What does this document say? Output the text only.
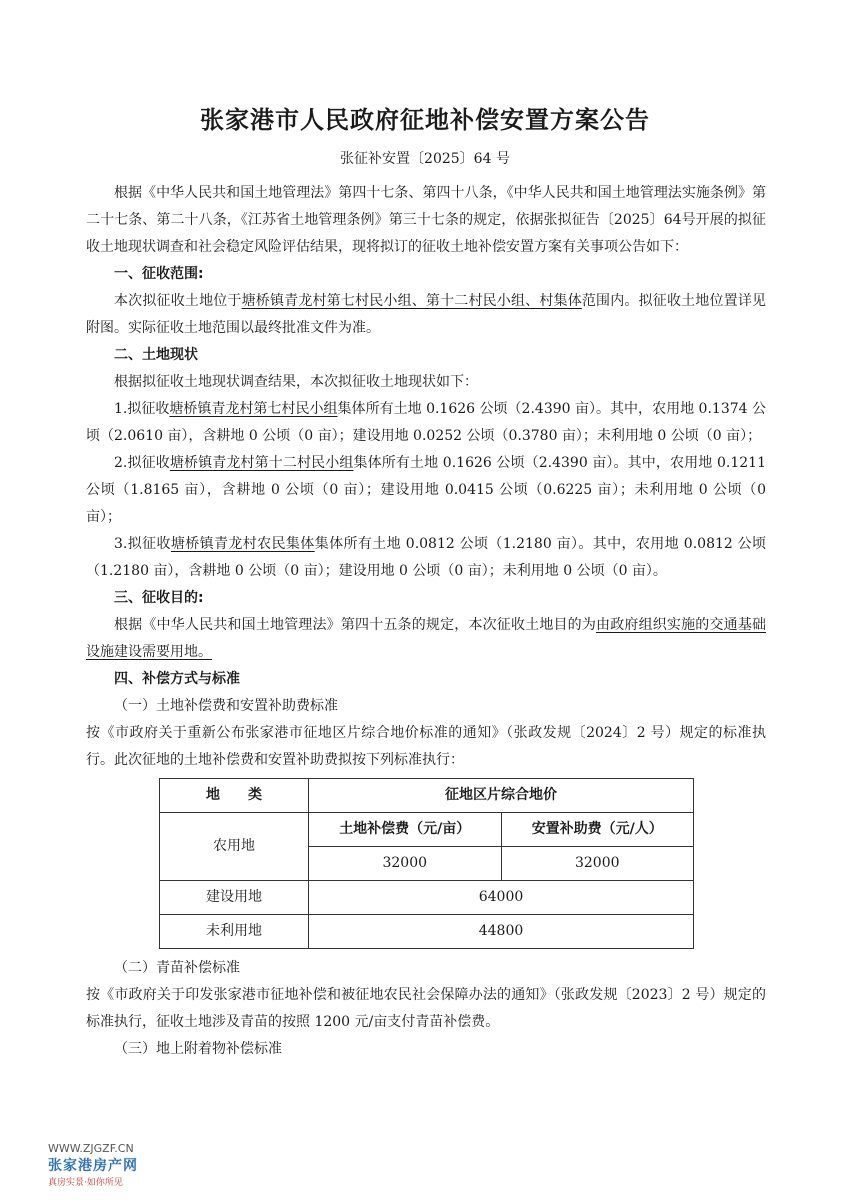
张家港市人民政府征地补偿安置方案公告
张征补安置〔2025〕64 号

根据《中华人民共和国土地管理法》第四十七条、第四十八条，《中华人民共和国土地管理法实施条例》第二十七条、第二十八条，《江苏省土地管理条例》第三十七条的规定，依据张拟征告〔2025〕64号开展的拟征收土地现状调查和社会稳定风险评估结果，现将拟订的征收土地补偿安置方案有关事项公告如下：

一、征收范围:

本次拟征收土地位于塘桥镇青龙村第七村民小组、第十二村民小组、村集体范围内。拟征收土地位置详见附图。实际征收土地范围以最终批准文件为准。

二、土地现状

根据拟征收土地现状调查结果，本次拟征收土地现状如下：

1.拟征收塘桥镇青龙村第七村民小组集体所有土地 0.1626 公顷（2.4390 亩）。其中，农用地 0.1374 公顷（2.0610 亩），含耕地 0 公顷（0 亩）；建设用地 0.0252 公顷（0.3780 亩）；未利用地 0 公顷（0 亩）；

2.拟征收塘桥镇青龙村第十二村民小组集体所有土地 0.1626 公顷（2.4390 亩）。其中，农用地 0.1211 公顷（1.8165 亩），含耕地 0 公顷（0 亩）；建设用地 0.0415 公顷（0.6225 亩）；未利用地 0 公顷（0 亩）；

3.拟征收塘桥镇青龙村农民集体集体所有土地 0.0812 公顷（1.2180 亩）。其中，农用地 0.0812 公顷（1.2180 亩），含耕地 0 公顷（0 亩）；建设用地 0 公顷（0 亩）；未利用地 0 公顷（0 亩）。

三、征收目的:

根据《中华人民共和国土地管理法》第四十五条的规定，本次征收土地目的为由政府组织实施的交通基础设施建设需要用地。

四、补偿方式与标准

（一）土地补偿费和安置补助费标准

按《市政府关于重新公布张家港市征地区片综合地价标准的通知》（张政发规〔2024〕2 号）规定的标准执行。此次征地的土地补偿费和安置补助费拟按下列标准执行：

地　　类	征地区片综合地价	
农用地	土地补偿费（元/亩）	安置补助费（元/人）
	32000	32000
建设用地	64000	
未利用地	44800	

（二）青苗补偿标准

按《市政府关于印发张家港市征地补偿和被征地农民社会保障办法的通知》（张政发规〔2023〕2 号）规定的标准执行，征收土地涉及青苗的按照 1200 元/亩支付青苗补偿费。

（三）地上附着物补偿标准

WWW.ZJGZF.CN
张家港房产网
真房实景·如你所见
